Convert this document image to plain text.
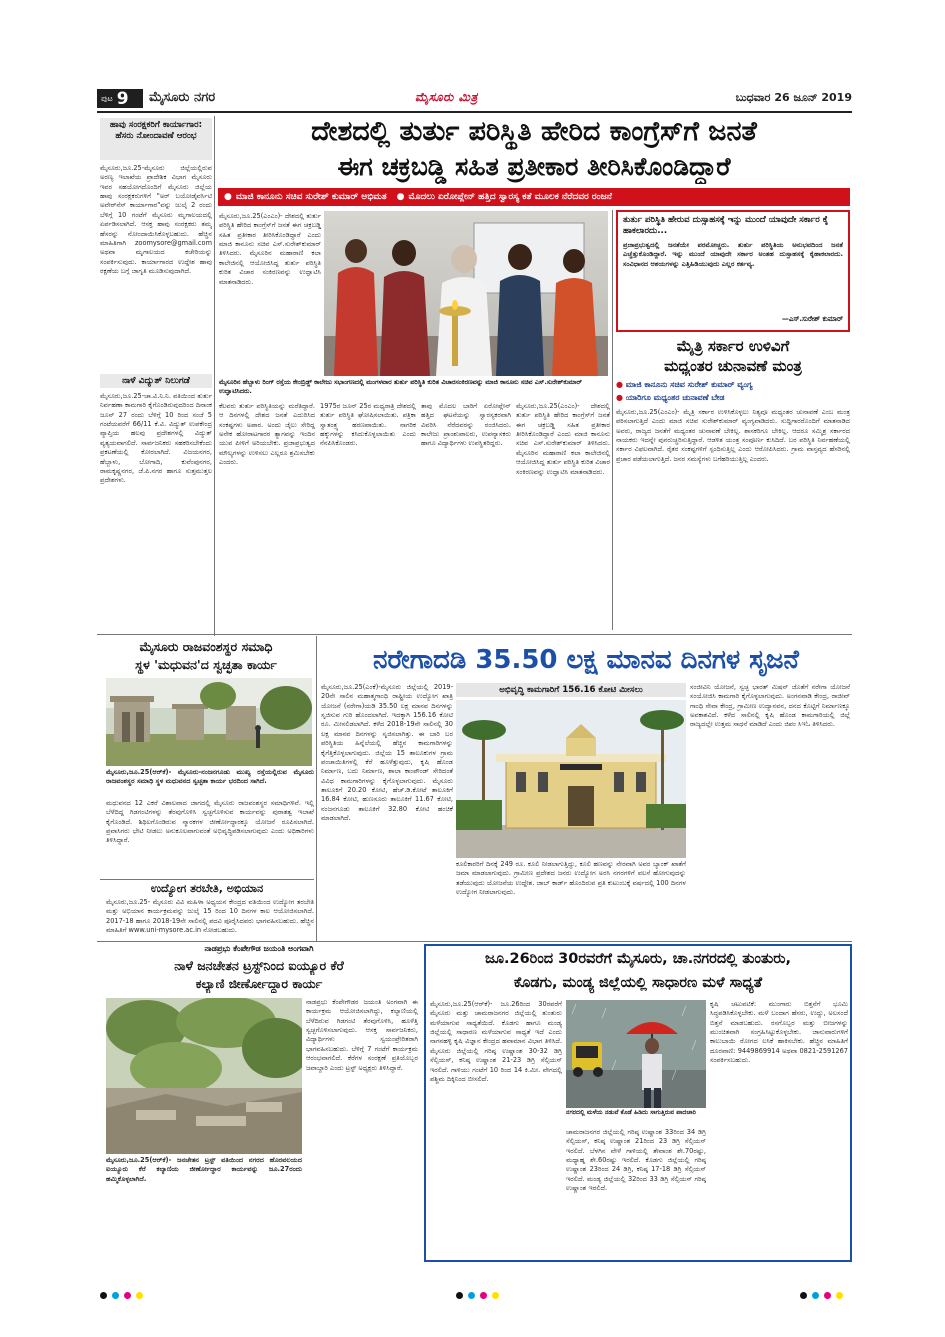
ಪುಟ 9 ಮೈಸೂರು ನಗರ	ಮೈಸೂರು ಮಿತ್ರ	ಬುಧವಾರ 26 ಜೂನ್ 2019
ಹಾವು ಸಂರಕ್ಷಕರಿಗೆ ಕಾರ್ಯಾಗಾರ: ಹೆಸರು ನೋಂದಾವಣೆ ಆರಂಭ
ಮೈಸೂರು,ಜೂ.25-ಮೈಸೂರು ಜಿಲ್ಲೆಯಲ್ಲಿರುವ ಅರಣ್ಯ ಇಲಾಖೆಯ ಪ್ರಾದೇಶಿಕ ವಿಭಾಗ ಮೈಸೂರು ಇವರ ಸಹಯೋಗದೊಂದಿಗೆ ಮೈಸೂರು ಜಿಲ್ಲೆಯ ಹಾವು ಸಂರಕ್ಷಕರುಗಳಿಗೆ "ಅರ್ ಬಯೋಡೈವರ್ಸಿಟಿ ಅವೇರ್‌ನೆಸ್ ಕಾರ್ಯಾಗಾರ"ವನ್ನು ಜುಲೈ 2 ರಂದು ಬೆಳಿಗ್ಗೆ 10 ಗಂಟೆಗೆ ಮೈಸೂರು ಮೃಗಾಲಯದಲ್ಲಿ ಏರ್ಪಡಿಸಲಾಗಿದೆ. ಆಸಕ್ತ ಹಾವು ಸಂರಕ್ಷಕರು ತಮ್ಮ ಹೆಸರನ್ನು ನೋಂದಾಯಿಸಿಕೊಳ್ಳಬಹುದು. ಹೆಚ್ಚಿನ ಮಾಹಿತಿಗಾಗಿ zoomysore@gmail.com ಅಥವಾ ಮೃಗಾಲಯದ ಕಚೇರಿಯನ್ನು ಸಂಪರ್ಕಿಸುವುದು. ಕಾರ್ಯಾಗಾರದ ಉದ್ದೇಶ ಹಾವು ರಕ್ಷಣೆಯ ಬಗ್ಗೆ ಜಾಗೃತಿ ಮೂಡಿಸುವುದಾಗಿದೆ.
ನಾಳೆ ವಿದ್ಯುತ್ ನಿಲುಗಡೆ
ಮೈಸೂರು,ಜೂ.25-ಚಾ.ವಿ.ನಿ.ನಿ. ವತಿಯಿಂದ ತುರ್ತು ನಿರ್ವಹಣಾ ಕಾಮಗಾರಿ ಕೈಗೊಂಡಿರುವುದರಿಂದ ದಿನಾಂಕ ಜೂನ್ 27 ರಂದು ಬೆಳಿಗ್ಗೆ 10 ರಿಂದ ಸಂಜೆ 5 ಗಂಟೆಯವರೆಗೆ 66/11 ಕೆ.ವಿ. ವಿದ್ಯುತ್ ಉಪಕೇಂದ್ರ ವ್ಯಾಪ್ತಿಯ ಹಲವು ಪ್ರದೇಶಗಳಲ್ಲಿ ವಿದ್ಯುತ್ ವ್ಯತ್ಯಯವಾಗಲಿದೆ. ಸಾರ್ವಜನಿಕರು ಸಹಕರಿಸಬೇಕೆಂದು ಪ್ರಕಟಣೆಯಲ್ಲಿ ಕೋರಲಾಗಿದೆ. ವಿಜಯನಗರ, ಹೆಬ್ಬಾಳು, ಬೋಗಾದಿ, ಕುವೆಂಪುನಗರ, ರಾಮಕೃಷ್ಣನಗರ, ಜೆ.ಪಿ.ನಗರ ಹಾಗೂ ಸುತ್ತಮುತ್ತಲ ಪ್ರದೇಶಗಳು.
ದೇಶದಲ್ಲಿ ತುರ್ತು ಪರಿಸ್ಥಿತಿ ಹೇರಿದ ಕಾಂಗ್ರೆಸ್‌ಗೆ ಜನತೆ
ಈಗ ಚಕ್ರಬಡ್ಡಿ ಸಹಿತ ಪ್ರತೀಕಾರ ತೀರಿಸಿಕೊಂಡಿದ್ದಾರೆ
● ಮಾಜಿ ಕಾನೂನು ಸಚಿವ ಸುರೇಶ್ ಕುಮಾರ್ ಅಭಿಮತ	● ಮೊದಲು ಏರೋಪ್ಲೇನ್ ಹತ್ತಿದ ಸ್ವಾರಸ್ಯ ಕತೆ ಮೂಲಕ ನೆರೆದವರ ರಂಜನೆ
ಮೈಸೂರು,ಜೂ.25(ಎಂಎಂ)- ದೇಶದಲ್ಲಿ ತುರ್ತು ಪರಿಸ್ಥಿತಿ ಹೇರಿದ ಕಾಂಗ್ರೆಸ್‌ಗೆ ಜನತೆ ಈಗ ಚಕ್ರಬಡ್ಡಿ ಸಹಿತ ಪ್ರತೀಕಾರ ತೀರಿಸಿಕೊಂಡಿದ್ದಾರೆ ಎಂದು ಮಾಜಿ ಕಾನೂನು ಸಚಿವ ಎಸ್.ಸುರೇಶ್‌ಕುಮಾರ್ ತಿಳಿಸಿದರು. ಮೈಸೂರಿನ ಮಹಾರಾಣಿ ಕಲಾ ಕಾಲೇಜಿನಲ್ಲಿ ಆಯೋಜಿಸಿದ್ದ ತುರ್ತು ಪರಿಸ್ಥಿತಿ ಕುರಿತ ವಿಚಾರ ಸಂಕಿರಣವನ್ನು ಉದ್ಘಾಟಿಸಿ ಮಾತನಾಡಿದರು.
ಮೈಸೂರಿನ ಹೆಬ್ಬಾಳು ರಿಂಗ್ ರಸ್ತೆಯ ಕೇಂಬ್ರಿಡ್ಜ್ ಕಾಲೇಜು ಸಭಾಂಗಣದಲ್ಲಿ ಮಂಗಳವಾರ ತುರ್ತು ಪರಿಸ್ಥಿತಿ ಕುರಿತ ವಿಚಾರಸಂಕಿರಣವನ್ನು ಮಾಜಿ ಕಾನೂನು ಸಚಿವ ಎಸ್.ಸುರೇಶ್‌ಕುಮಾರ್ ಉದ್ಘಾಟಿಸಿದರು.
ಕೆಲವರು ತುರ್ತು ಪರಿಸ್ಥಿತಿಯನ್ನು ಮರೆತಿದ್ದಾರೆ. ಆ ದಿನಗಳಲ್ಲಿ ದೇಶದ ಜನತೆ ಎದುರಿಸಿದ ಸಂಕಷ್ಟಗಳು ಅಪಾರ. ಅಂದು ಜೈಲು ಸೇರಿದ್ದ ಅನೇಕ ಹೋರಾಟಗಾರರ ತ್ಯಾಗವನ್ನು ಇಂದಿನ ಯುವ ಪೀಳಿಗೆ ಅರಿಯಬೇಕು. ಪ್ರಜಾಪ್ರಭುತ್ವದ ಮೌಲ್ಯಗಳನ್ನು ಉಳಿಸಲು ಎಲ್ಲರೂ ಶ್ರಮಿಸಬೇಕು ಎಂದರು.
1975ರ ಜೂನ್ 25ರ ಮಧ್ಯರಾತ್ರಿ ದೇಶದಲ್ಲಿ ತುರ್ತು ಪರಿಸ್ಥಿತಿ ಘೋಷಿಸಲಾಯಿತು. ಪತ್ರಿಕಾ ಸ್ವಾತಂತ್ರ್ಯ ಹರಣವಾಯಿತು. ನಾಗರಿಕ ಹಕ್ಕುಗಳನ್ನು ಕಸಿದುಕೊಳ್ಳಲಾಯಿತು ಎಂದು ನೆನಪಿಸಿಕೊಂಡರು.
ತಾವು ಮೊದಲ ಬಾರಿಗೆ ಏರೋಪ್ಲೇನ್ ಹತ್ತಿದ ಘಟನೆಯನ್ನು ಸ್ವಾರಸ್ಯಕರವಾಗಿ ವಿವರಿಸಿ ನೆರೆದವರನ್ನು ರಂಜಿಸಿದರು. ಕಾಲೇಜು ಪ್ರಾಂಶುಪಾಲರು, ಉಪನ್ಯಾಸಕರು ಹಾಗೂ ವಿದ್ಯಾರ್ಥಿಗಳು ಉಪಸ್ಥಿತರಿದ್ದರು.
ಮೈಸೂರು,ಜೂ.25(ಎಂಎಂ)- ದೇಶದಲ್ಲಿ ತುರ್ತು ಪರಿಸ್ಥಿತಿ ಹೇರಿದ ಕಾಂಗ್ರೆಸ್‌ಗೆ ಜನತೆ ಈಗ ಚಕ್ರಬಡ್ಡಿ ಸಹಿತ ಪ್ರತೀಕಾರ ತೀರಿಸಿಕೊಂಡಿದ್ದಾರೆ ಎಂದು ಮಾಜಿ ಕಾನೂನು ಸಚಿವ ಎಸ್.ಸುರೇಶ್‌ಕುಮಾರ್ ತಿಳಿಸಿದರು. ಮೈಸೂರಿನ ಮಹಾರಾಣಿ ಕಲಾ ಕಾಲೇಜಿನಲ್ಲಿ ಆಯೋಜಿಸಿದ್ದ ತುರ್ತು ಪರಿಸ್ಥಿತಿ ಕುರಿತ ವಿಚಾರ ಸಂಕಿರಣವನ್ನು ಉದ್ಘಾಟಿಸಿ ಮಾತನಾಡಿದರು.
ತುರ್ತು ಪರಿಸ್ಥಿತಿ ಹೇರುವ ದುಸ್ಸಾಹಸಕ್ಕೆ ಇನ್ನು ಮುಂದೆ ಯಾವುದೇ ಸರ್ಕಾರ ಕೈ ಹಾಕಲಾರದು...
ಪ್ರಜಾಪ್ರಭುತ್ವದಲ್ಲಿ ಜನತೆಯೇ ಪರಮೋಚ್ಚರು. ತುರ್ತು ಪರಿಸ್ಥಿತಿಯ ಅನುಭವದಿಂದ ಜನತೆ ಎಚ್ಚೆತ್ತುಕೊಂಡಿದ್ದಾರೆ. ಇನ್ನು ಮುಂದೆ ಯಾವುದೇ ಸರ್ಕಾರ ಅಂತಹ ದುಸ್ಸಾಹಸಕ್ಕೆ ಕೈಹಾಕಲಾರದು. ಸಂವಿಧಾನದ ಆಶಯಗಳನ್ನು ಎತ್ತಿಹಿಡಿಯುವುದು ಎಲ್ಲರ ಕರ್ತವ್ಯ.
—ಎಸ್.ಸುರೇಶ್ ಕುಮಾರ್
ಮೈತ್ರಿ ಸರ್ಕಾರ ಉಳಿವಿಗೆ
ಮಧ್ಯಂತರ ಚುನಾವಣೆ ಮಂತ್ರ
● ಮಾಜಿ ಕಾನೂನು ಸಚಿವ ಸುರೇಶ್ ಕುಮಾರ್ ವ್ಯಂಗ್ಯ
● ಯಾರಿಗೂ ಮಧ್ಯಂತರ ಚುನಾವಣೆ ಬೇಡ
ಮೈಸೂರು,ಜೂ.25(ಎಂಎಂ)- ಮೈತ್ರಿ ಸರ್ಕಾರ ಉಳಿಸಿಕೊಳ್ಳಲು ನಿತ್ಯವೂ ಮಧ್ಯಂತರ ಚುನಾವಣೆ ಎಂಬ ಮಂತ್ರ ಪಠಿಸಲಾಗುತ್ತಿದೆ ಎಂದು ಮಾಜಿ ಸಚಿವ ಸುರೇಶ್‌ಕುಮಾರ್ ವ್ಯಂಗ್ಯವಾಡಿದರು. ಸುದ್ದಿಗಾರರೊಂದಿಗೆ ಮಾತನಾಡಿದ ಅವರು, ರಾಜ್ಯದ ಜನತೆಗೆ ಮಧ್ಯಂತರ ಚುನಾವಣೆ ಬೇಕಿಲ್ಲ. ಶಾಸಕರಿಗೂ ಬೇಕಿಲ್ಲ. ಆದರೂ ಸಮ್ಮಿಶ್ರ ಸರ್ಕಾರದ ನಾಯಕರು ಇದನ್ನೇ ಪುನರುಚ್ಚರಿಸುತ್ತಿದ್ದಾರೆ. ಆಡಳಿತ ಯಂತ್ರ ಸಂಪೂರ್ಣ ಕುಸಿದಿದೆ. ಬರ ಪರಿಸ್ಥಿತಿ ನಿರ್ವಹಣೆಯಲ್ಲಿ ಸರ್ಕಾರ ವಿಫಲವಾಗಿದೆ. ರೈತರ ಸಂಕಷ್ಟಗಳಿಗೆ ಸ್ಪಂದಿಸುತ್ತಿಲ್ಲ ಎಂದು ಆರೋಪಿಸಿದರು. ಗ್ರಾಮ ವಾಸ್ತವ್ಯದ ಹೆಸರಿನಲ್ಲಿ ಪ್ರಚಾರ ಪಡೆಯಲಾಗುತ್ತಿದೆ. ಜನರ ಸಮಸ್ಯೆಗಳು ಬಗೆಹರಿಯುತ್ತಿಲ್ಲ ಎಂದರು.
ಮೈಸೂರು ರಾಜವಂಶಸ್ಥರ ಸಮಾಧಿ
ಸ್ಥಳ 'ಮಧುವನ'ದ ಸ್ವಚ್ಛತಾ ಕಾರ್ಯ
ಮೈಸೂರು,ಜೂ.25(ಆರ್‌ಕೆ)- ಮೈಸೂರು-ನಂಜನಗೂಡು ಮುಖ್ಯ ರಸ್ತೆಯಲ್ಲಿರುವ ಮೈಸೂರು ರಾಜವಂಶಸ್ಥರ ಸಮಾಧಿ ಸ್ಥಳ ಮಧುವನದ ಸ್ವಚ್ಛತಾ ಕಾರ್ಯ ಭರದಿಂದ ಸಾಗಿದೆ.
ಮಧುವನದ 12 ಎಕರೆ ವಿಶಾಲವಾದ ಜಾಗದಲ್ಲಿ ಮೈಸೂರು ರಾಜವಂಶಸ್ಥರ ಸಮಾಧಿಗಳಿವೆ. ಇಲ್ಲಿ ಬೆಳೆದಿದ್ದ ಗಿಡಗಂಟಿಗಳನ್ನು ತೆರವುಗೊಳಿಸಿ ಸ್ವಚ್ಛಗೊಳಿಸುವ ಕಾರ್ಯವನ್ನು ಪುರಾತತ್ವ ಇಲಾಖೆ ಕೈಗೊಂಡಿದೆ. ಶಿಥಿಲಗೊಂಡಿರುವ ಸ್ಮಾರಕಗಳ ಜೀರ್ಣೋದ್ಧಾರಕ್ಕೂ ಯೋಜನೆ ರೂಪಿಸಲಾಗಿದೆ. ಪ್ರವಾಸಿಗರು ಭೇಟಿ ನೀಡಲು ಅನುಕೂಲವಾಗುವಂತೆ ಅಭಿವೃದ್ಧಿಪಡಿಸಲಾಗುವುದು ಎಂದು ಅಧಿಕಾರಿಗಳು ತಿಳಿಸಿದ್ದಾರೆ.
ಉದ್ಯೋಗ ತರಬೇತಿ, ಅಭಿಯಾನ
ಮೈಸೂರು,ಜೂ.25- ಮೈಸೂರು ವಿವಿ ಮಹಿಳಾ ಅಧ್ಯಯನ ಕೇಂದ್ರದ ವತಿಯಿಂದ ಉದ್ಯೋಗ ತರಬೇತಿ ಮತ್ತು ಅಭಿಯಾನ ಕಾರ್ಯಕ್ರಮವನ್ನು ಜುಲೈ 15 ರಿಂದ 10 ದಿನಗಳ ಕಾಲ ಆಯೋಜಿಸಲಾಗಿದೆ. 2017-18 ಹಾಗೂ 2018-19ನೇ ಸಾಲಿನಲ್ಲಿ ಪದವಿ ಪೂರೈಸಿದವರು ಭಾಗವಹಿಸಬಹುದು. ಹೆಚ್ಚಿನ ಮಾಹಿತಿಗೆ www.uni-mysore.ac.in ನೋಡಬಹುದು.
ನರೇಗಾದಡಿ 35.50 ಲಕ್ಷ ಮಾನವ ದಿನಗಳ ಸೃಜನೆ
ಮೈಸೂರು,ಜೂ.25(ಎಂಕೆ)-ಮೈಸೂರು ಜಿಲ್ಲೆಯಲ್ಲಿ 2019-20ನೇ ಸಾಲಿನ ಮಹಾತ್ಮಗಾಂಧಿ ರಾಷ್ಟ್ರೀಯ ಉದ್ಯೋಗ ಖಾತ್ರಿ ಯೋಜನೆ (ನರೇಗಾ)ಯಡಿ 35.50 ಲಕ್ಷ ಮಾನವ ದಿನಗಳನ್ನು ಸೃಜಿಸುವ ಗುರಿ ಹೊಂದಲಾಗಿದೆ. ಇದಕ್ಕಾಗಿ 156.16 ಕೋಟಿ ರೂ. ಮೀಸಲಿಡಲಾಗಿದೆ. ಕಳೆದ 2018-19ನೇ ಸಾಲಿನಲ್ಲಿ 30 ಲಕ್ಷ ಮಾನವ ದಿನಗಳನ್ನು ಸೃಜಿಸಲಾಗಿತ್ತು. ಈ ಬಾರಿ ಬರ ಪರಿಸ್ಥಿತಿಯ ಹಿನ್ನೆಲೆಯಲ್ಲಿ ಹೆಚ್ಚಿನ ಕಾಮಗಾರಿಗಳನ್ನು ಕೈಗೆತ್ತಿಕೊಳ್ಳಲಾಗುವುದು. ಜಿಲ್ಲೆಯ 15 ತಾಲೂಕುಗಳ ಗ್ರಾಮ ಪಂಚಾಯಿತಿಗಳಲ್ಲಿ ಕೆರೆ ಹೂಳೆತ್ತುವುದು, ಕೃಷಿ ಹೊಂಡ ನಿರ್ಮಾಣ, ಬದು ನಿರ್ಮಾಣ, ಶಾಲಾ ಕಾಂಪೌಂಡ್ ಸೇರಿದಂತೆ ವಿವಿಧ ಕಾಮಗಾರಿಗಳನ್ನು ಕೈಗೊಳ್ಳಲಾಗುವುದು. ಮೈಸೂರು ತಾಲೂಕಿಗೆ 20.20 ಕೋಟಿ, ಹೆಚ್.ಡಿ.ಕೋಟೆ ತಾಲೂಕಿಗೆ 16.84 ಕೋಟಿ, ಹುಣಸೂರು ತಾಲೂಕಿಗೆ 11.67 ಕೋಟಿ, ನಂಜನಗೂಡು ತಾಲೂಕಿಗೆ 32.80 ಕೋಟಿ ಹಂಚಿಕೆ ಮಾಡಲಾಗಿದೆ.
ಅಭಿವೃದ್ಧಿ ಕಾಮಗಾರಿಗೆ 156.16 ಕೋಟಿ ಮೀಸಲು
ಕೂಲಿಕಾರರಿಗೆ ದಿನಕ್ಕೆ 249 ರೂ. ಕೂಲಿ ನೀಡಲಾಗುತ್ತಿದ್ದು, ಕೂಲಿ ಹಣವನ್ನು ನೇರವಾಗಿ ಅವರ ಬ್ಯಾಂಕ್ ಖಾತೆಗೆ ಜಮಾ ಮಾಡಲಾಗುವುದು. ಗ್ರಾಮೀಣ ಪ್ರದೇಶದ ಜನರು ಉದ್ಯೋಗ ಅರಸಿ ನಗರಗಳಿಗೆ ವಲಸೆ ಹೋಗುವುದನ್ನು ತಡೆಯುವುದು ಯೋಜನೆಯ ಉದ್ದೇಶ. ಜಾಬ್ ಕಾರ್ಡ್ ಹೊಂದಿರುವ ಪ್ರತಿ ಕುಟುಂಬಕ್ಕೆ ವರ್ಷದಲ್ಲಿ 100 ದಿನಗಳ ಉದ್ಯೋಗ ನೀಡಲಾಗುವುದು.
ಸಂಜೀವಿನಿ ಯೋಜನೆ, ಸ್ವಚ್ಛ ಭಾರತ್ ಮಿಷನ್ ಜೊತೆಗೆ ನರೇಗಾ ಯೋಜನೆ ಸಂಯೋಜಿಸಿ ಕಾಮಗಾರಿ ಕೈಗೊಳ್ಳಲಾಗುವುದು. ಅಂಗನವಾಡಿ ಕೇಂದ್ರ, ರಾಜೀವ್ ಗಾಂಧಿ ಸೇವಾ ಕೇಂದ್ರ, ಗ್ರಾಮೀಣ ಉದ್ಯಾನವನ, ದನದ ಕೊಟ್ಟಿಗೆ ನಿರ್ಮಾಣಕ್ಕೂ ಅವಕಾಶವಿದೆ. ಕಳೆದ ಸಾಲಿನಲ್ಲಿ ಕೃಷಿ ಹೊಂಡ ಕಾಮಗಾರಿಯಲ್ಲಿ ಜಿಲ್ಲೆ ರಾಜ್ಯದಲ್ಲೇ ಉತ್ತಮ ಸಾಧನೆ ಮಾಡಿದೆ ಎಂದು ಜಿಪಂ ಸಿಇಓ ತಿಳಿಸಿದರು.
ನಾಡಪ್ರಭು ಕೆಂಪೇಗೌಡ ಜಯಂತಿ ಅಂಗವಾಗಿ
ನಾಳೆ ಜನಚೇತನ ಟ್ರಸ್ಟ್‌ನಿಂದ ಐಯ್ಯೂರ ಕೆರೆ
ಕಲ್ಯಾಣಿ ಜೀರ್ಣೋದ್ಧಾರ ಕಾರ್ಯ
ಮೈಸೂರು,ಜೂ.25(ಆರ್‌ಕೆ)- ಜನಚೇತನ ಟ್ರಸ್ಟ್ ವತಿಯಿಂದ ನಗರದ ಹೊರವಲಯದ ಐಯ್ಯೂರು ಕೆರೆ ಕಲ್ಯಾಣಿಯ ಜೀರ್ಣೋದ್ಧಾರ ಕಾರ್ಯವನ್ನು ಜೂ.27ರಂದು ಹಮ್ಮಿಕೊಳ್ಳಲಾಗಿದೆ.
ನಾಡಪ್ರಭು ಕೆಂಪೇಗೌಡರ ಜಯಂತಿ ಅಂಗವಾಗಿ ಈ ಕಾರ್ಯಕ್ರಮ ಆಯೋಜಿಸಲಾಗಿದ್ದು, ಕಲ್ಯಾಣಿಯಲ್ಲಿ ಬೆಳೆದಿರುವ ಗಿಡಗಂಟಿ ತೆರವುಗೊಳಿಸಿ, ಹೂಳೆತ್ತಿ ಸ್ವಚ್ಛಗೊಳಿಸಲಾಗುವುದು. ಆಸಕ್ತ ಸಾರ್ವಜನಿಕರು, ವಿದ್ಯಾರ್ಥಿಗಳು ಸ್ವಯಂಪ್ರೇರಿತರಾಗಿ ಭಾಗವಹಿಸಬಹುದು. ಬೆಳಿಗ್ಗೆ 7 ಗಂಟೆಗೆ ಕಾರ್ಯಕ್ರಮ ಆರಂಭವಾಗಲಿದೆ. ಕೆರೆಗಳ ಸಂರಕ್ಷಣೆ ಪ್ರತಿಯೊಬ್ಬರ ಜವಾಬ್ದಾರಿ ಎಂದು ಟ್ರಸ್ಟ್ ಅಧ್ಯಕ್ಷರು ತಿಳಿಸಿದ್ದಾರೆ.
ಜೂ.26ರಿಂದ 30ರವರೆಗೆ ಮೈಸೂರು, ಚಾ.ನಗರದಲ್ಲಿ ತುಂತುರು,
ಕೊಡಗು, ಮಂಡ್ಯ ಜಿಲ್ಲೆಯಲ್ಲಿ ಸಾಧಾರಣ ಮಳೆ ಸಾಧ್ಯತೆ
ಮೈಸೂರು,ಜೂ.25(ಆರ್‌ಕೆ)- ಜೂ.26ರಿಂದ 30ರವರೆಗೆ ಮೈಸೂರು ಮತ್ತು ಚಾಮರಾಜನಗರ ಜಿಲ್ಲೆಯಲ್ಲಿ ತುಂತುರು ಮಳೆಯಾಗುವ ಸಾಧ್ಯತೆಯಿದೆ. ಕೊಡಗು ಹಾಗೂ ಮಂಡ್ಯ ಜಿಲ್ಲೆಯಲ್ಲಿ ಸಾಧಾರಣ ಮಳೆಯಾಗುವ ಸಾಧ್ಯತೆ ಇದೆ ಎಂದು ನಾಗನಹಳ್ಳಿ ಕೃಷಿ ವಿಜ್ಞಾನ ಕೇಂದ್ರದ ಹವಾಮಾನ ವಿಭಾಗ ತಿಳಿಸಿದೆ. ಮೈಸೂರು ಜಿಲ್ಲೆಯಲ್ಲಿ ಗರಿಷ್ಠ ಉಷ್ಣಾಂಶ 30-32 ಡಿಗ್ರಿ ಸೆಲ್ಸಿಯಸ್, ಕನಿಷ್ಠ ಉಷ್ಣಾಂಶ 21-23 ಡಿಗ್ರಿ ಸೆಲ್ಸಿಯಸ್ ಇರಲಿದೆ. ಗಾಳಿಯು ಗಂಟೆಗೆ 10 ರಿಂದ 14 ಕಿ.ಮೀ. ವೇಗದಲ್ಲಿ ಪಶ್ಚಿಮ ದಿಕ್ಕಿನಿಂದ ಬೀಸಲಿದೆ.
ನಗರದಲ್ಲಿ ಮಳೆಯ ನಡುವೆ ಕೊಡೆ ಹಿಡಿದು ಸಾಗುತ್ತಿರುವ ಪಾದಚಾರಿ
ಚಾಮರಾಜನಗರ ಜಿಲ್ಲೆಯಲ್ಲಿ ಗರಿಷ್ಠ ಉಷ್ಣಾಂಶ 33ರಿಂದ 34 ಡಿಗ್ರಿ ಸೆಲ್ಸಿಯಸ್, ಕನಿಷ್ಠ ಉಷ್ಣಾಂಶ 21ರಿಂದ 23 ಡಿಗ್ರಿ ಸೆಲ್ಸಿಯಸ್ ಇರಲಿದೆ. ಬೆಳಗಿನ ವೇಳೆ ಗಾಳಿಯಲ್ಲಿ ತೇವಾಂಶ ಶೇ.70ರಷ್ಟು, ಮಧ್ಯಾಹ್ನ ಶೇ.60ರಷ್ಟು ಇರಲಿದೆ. ಕೊಡಗು ಜಿಲ್ಲೆಯಲ್ಲಿ ಗರಿಷ್ಠ ಉಷ್ಣಾಂಶ 23ರಿಂದ 24 ಡಿಗ್ರಿ, ಕನಿಷ್ಠ 17-18 ಡಿಗ್ರಿ ಸೆಲ್ಸಿಯಸ್ ಇರಲಿದೆ. ಮಂಡ್ಯ ಜಿಲ್ಲೆಯಲ್ಲಿ 32ರಿಂದ 33 ಡಿಗ್ರಿ ಸೆಲ್ಸಿಯಸ್ ಗರಿಷ್ಠ ಉಷ್ಣಾಂಶ ಇರಲಿದೆ.
ಕೃಷಿ ಚಟುವಟಿಕೆ: ಮುಂಗಾರು ಬಿತ್ತನೆಗೆ ಭೂಮಿ ಸಿದ್ಧಪಡಿಸಿಕೊಳ್ಳಬೇಕು. ಮಳೆ ಬಂದಾಗ ಹೆಸರು, ಉದ್ದು, ಅಲಸಂದೆ ಬಿತ್ತನೆ ಮಾಡಬಹುದು. ರಸಗೊಬ್ಬರ ಮತ್ತು ಬೀಜಗಳನ್ನು ಮುಂಚಿತವಾಗಿ ಸಂಗ್ರಹಿಸಿಟ್ಟುಕೊಳ್ಳಬೇಕು. ಜಾನುವಾರುಗಳಿಗೆ ಕಾಲುಬಾಯಿ ರೋಗದ ಲಸಿಕೆ ಹಾಕಿಸಬೇಕು. ಹೆಚ್ಚಿನ ಮಾಹಿತಿಗೆ ದೂರವಾಣಿ: 9449869914 ಅಥವಾ 0821-2591267 ಸಂಪರ್ಕಿಸಬಹುದು.
